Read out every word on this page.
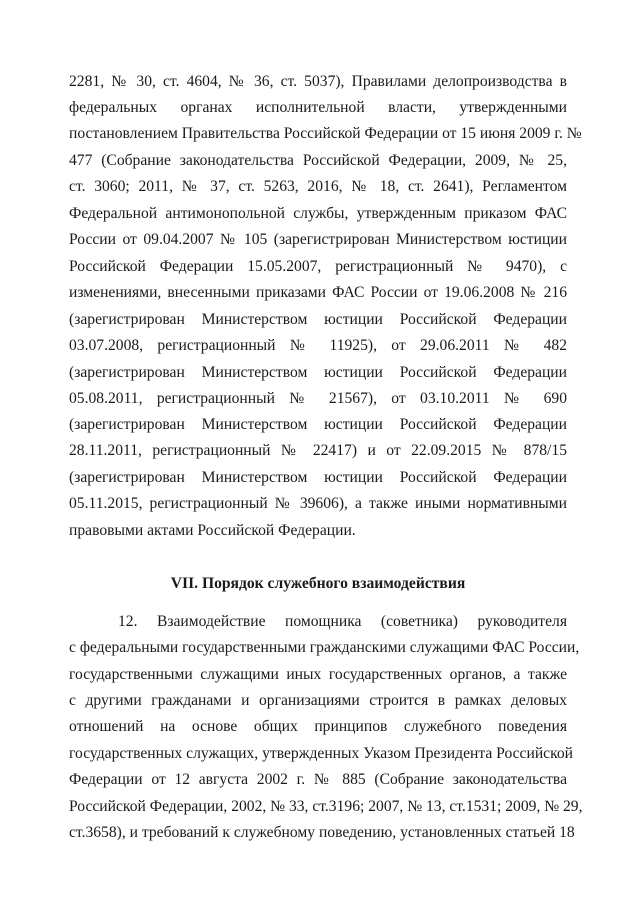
2281, № 30, ст. 4604, № 36, ст. 5037), Правилами делопроизводства в
федеральных органах исполнительной власти, утвержденными
постановлением Правительства Российской Федерации от 15 июня 2009 г. №
477 (Собрание законодательства Российской Федерации, 2009, № 25,
ст. 3060; 2011, № 37, ст. 5263, 2016, № 18, ст. 2641), Регламентом
Федеральной антимонопольной службы, утвержденным приказом ФАС
России от 09.04.2007 № 105 (зарегистрирован Министерством юстиции
Российской Федерации 15.05.2007, регистрационный № 9470), с
изменениями, внесенными приказами ФАС России от 19.06.2008 № 216
(зарегистрирован Министерством юстиции Российской Федерации
03.07.2008, регистрационный № 11925), от 29.06.2011 № 482
(зарегистрирован Министерством юстиции Российской Федерации
05.08.2011, регистрационный № 21567), от 03.10.2011 № 690
(зарегистрирован Министерством юстиции Российской Федерации
28.11.2011, регистрационный № 22417) и от 22.09.2015 № 878/15
(зарегистрирован Министерством юстиции Российской Федерации
05.11.2015, регистрационный № 39606), а также иными нормативными
правовыми актами Российской Федерации.
VII. Порядок служебного взаимодействия
12. Взаимодействие помощника (советника) руководителя
с федеральными государственными гражданскими служащими ФАС России,
государственными служащими иных государственных органов, а также
с другими гражданами и организациями строится в рамках деловых
отношений на основе общих принципов служебного поведения
государственных служащих, утвержденных Указом Президента Российской
Федерации от 12 августа 2002 г. № 885 (Собрание законодательства
Российской Федерации, 2002, № 33, ст.3196; 2007, № 13, ст.1531; 2009, № 29,
ст.3658), и требований к служебному поведению, установленных статьей 18
